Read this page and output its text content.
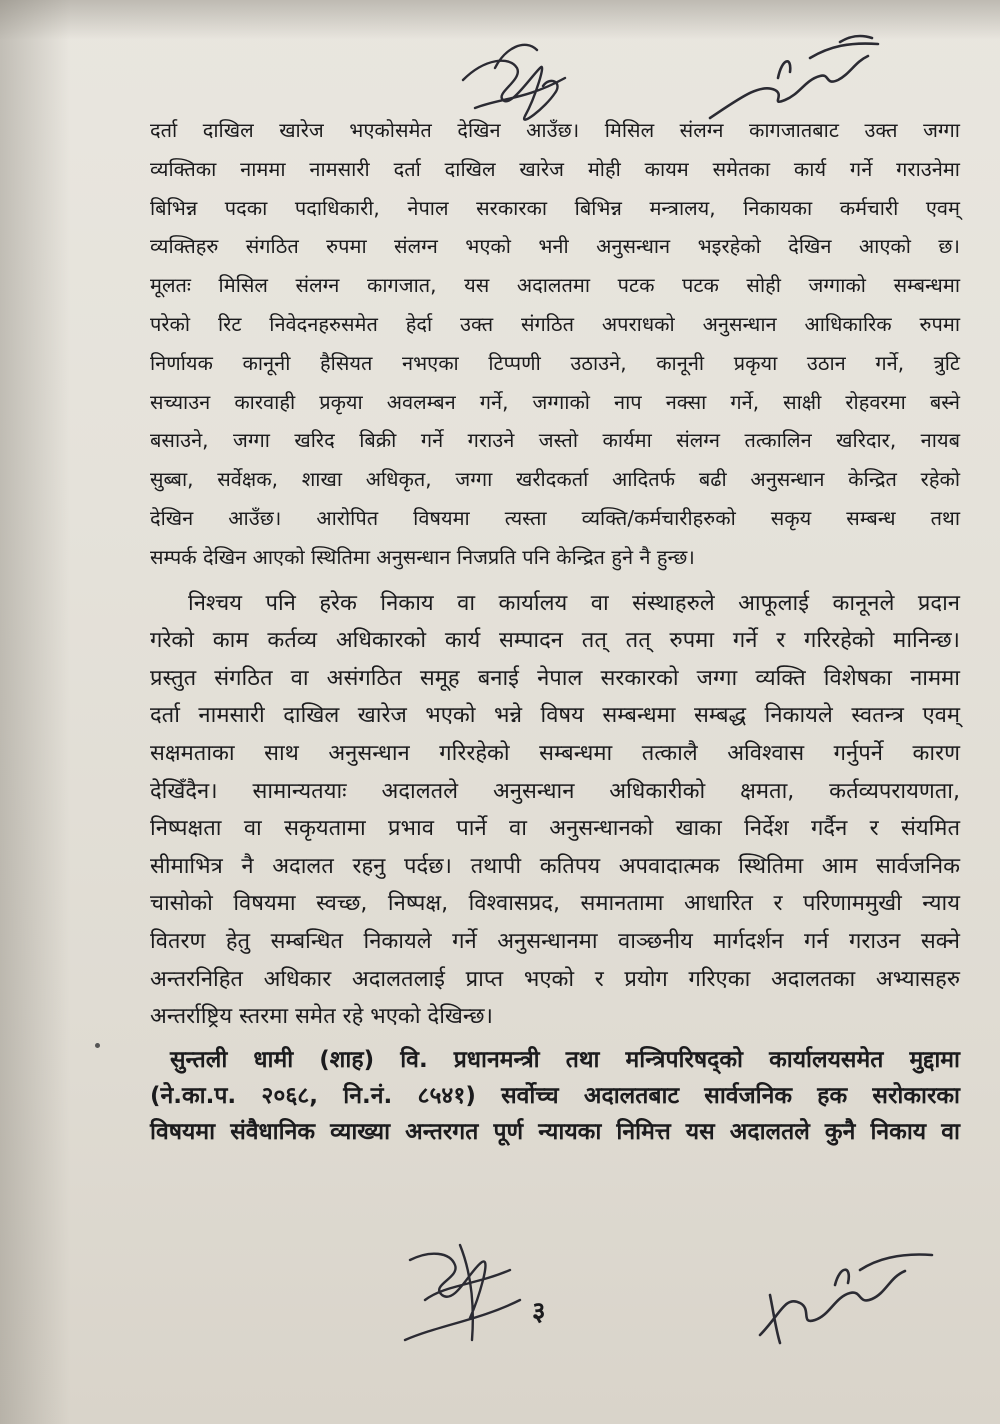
दर्ता दाखिल खारेज भएकोसमेत देखिन आउँछ। मिसिल संलग्न कागजातबाट उक्त जग्गा
व्यक्तिका नाममा नामसारी दर्ता दाखिल खारेज मोही कायम समेतका कार्य गर्ने गराउनेमा
बिभिन्न पदका पदाधिकारी, नेपाल सरकारका बिभिन्न मन्त्रालय, निकायका कर्मचारी एवम्
व्यक्तिहरु संगठित रुपमा संलग्न भएको भनी अनुसन्धान भइरहेको देखिन आएको छ।
मूलतः मिसिल संलग्न कागजात, यस अदालतमा पटक पटक सोही जग्गाको सम्बन्धमा
परेको रिट निवेदनहरुसमेत हेर्दा उक्त संगठित अपराधको अनुसन्धान आधिकारिक रुपमा
निर्णायक कानूनी हैसियत नभएका टिप्पणी उठाउने, कानूनी प्रकृया उठान गर्ने, त्रुटि
सच्याउन कारवाही प्रकृया अवलम्बन गर्ने, जग्गाको नाप नक्सा गर्ने, साक्षी रोहवरमा बस्ने
बसाउने, जग्गा खरिद बिक्री गर्ने गराउने जस्तो कार्यमा संलग्न तत्कालिन खरिदार, नायब
सुब्बा, सर्वेक्षक, शाखा अधिकृत, जग्गा खरीदकर्ता आदितर्फ बढी अनुसन्धान केन्द्रित रहेको
देखिन आउँछ। आरोपित विषयमा त्यस्ता व्यक्ति/कर्मचारीहरुको सकृय सम्बन्ध तथा
सम्पर्क देखिन आएको स्थितिमा अनुसन्धान निजप्रति पनि केन्द्रित हुने नै हुन्छ।
निश्चय पनि हरेक निकाय वा कार्यालय वा संस्थाहरुले आफूलाई कानूनले प्रदान
गरेको काम कर्तव्य अधिकारको कार्य सम्पादन तत् तत् रुपमा गर्ने र गरिरहेको मानिन्छ।
प्रस्तुत संगठित वा असंगठित समूह बनाई नेपाल सरकारको जग्गा व्यक्ति विशेषका नाममा
दर्ता नामसारी दाखिल खारेज भएको भन्ने विषय सम्बन्धमा सम्बद्ध निकायले स्वतन्त्र एवम्
सक्षमताका साथ अनुसन्धान गरिरहेको सम्बन्धमा तत्कालै अविश्वास गर्नुपर्ने कारण
देखिँदैन। सामान्यतयाः अदालतले अनुसन्धान अधिकारीको क्षमता, कर्तव्यपरायणता,
निष्पक्षता वा सकृयतामा प्रभाव पार्ने वा अनुसन्धानको खाका निर्देश गर्दैन र संयमित
सीमाभित्र नै अदालत रहनु पर्दछ। तथापी कतिपय अपवादात्मक स्थितिमा आम सार्वजनिक
चासोको विषयमा स्वच्छ, निष्पक्ष, विश्वासप्रद, समानतामा आधारित र परिणाममुखी न्याय
वितरण हेतु सम्बन्धित निकायले गर्ने अनुसन्धानमा वाञ्छनीय मार्गदर्शन गर्न गराउन सक्ने
अन्तरनिहित अधिकार अदालतलाई प्राप्त भएको र प्रयोग गरिएका अदालतका अभ्यासहरु
अन्तर्राष्ट्रिय स्तरमा समेत रहे भएको देखिन्छ।
सुन्तली धामी (शाह) वि. प्रधानमन्त्री तथा मन्त्रिपरिषद्को कार्यालयसमेत मुद्दामा
(ने.का.प. २०६८, नि.नं. ८५४१) सर्वोच्च अदालतबाट सार्वजनिक हक सरोकारका
विषयमा संवैधानिक व्याख्या अन्तरगत पूर्ण न्यायका निमित्त यस अदालतले कुनै निकाय वा
३
